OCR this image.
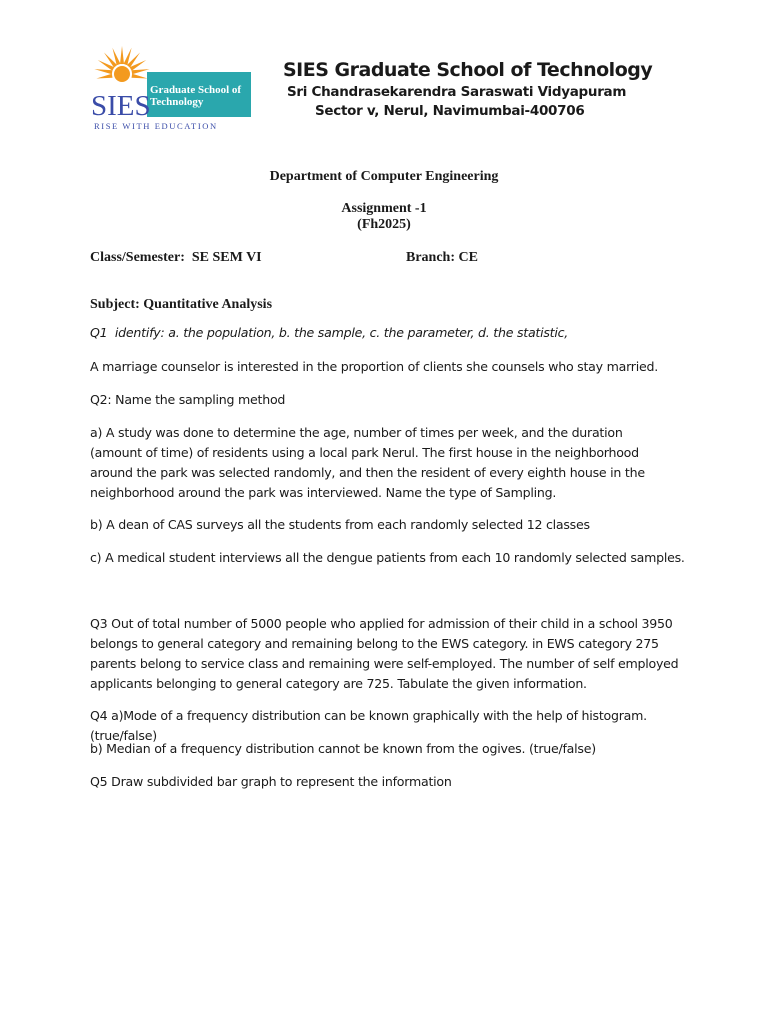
Graduate School of
Technology
SIES
RISE WITH EDUCATION
SIES Graduate School of Technology
Sri Chandrasekarendra Saraswati Vidyapuram
Sector v, Nerul, Navimumbai-400706
Department of Computer Engineering
Assignment -1
(Fh2025)
Class/Semester:  SE SEM VI	Branch: CE
Subject: Quantitative Analysis
Q1  identify: a. the population, b. the sample, c. the parameter, d. the statistic,
A marriage counselor is interested in the proportion of clients she counsels who stay married.
Q2: Name the sampling method
a) A study was done to determine the age, number of times per week, and the duration (amount of time) of residents using a local park Nerul. The first house in the neighborhood around the park was selected randomly, and then the resident of every eighth house in the neighborhood around the park was interviewed. Name the type of Sampling.
b) A dean of CAS surveys all the students from each randomly selected 12 classes
c) A medical student interviews all the dengue patients from each 10 randomly selected samples.
Q3 Out of total number of 5000 people who applied for admission of their child in a school 3950 belongs to general category and remaining belong to the EWS category. in EWS category 275 parents belong to service class and remaining were self-employed. The number of self employed applicants belonging to general category are 725. Tabulate the given information.
Q4 a)Mode of a frequency distribution can be known graphically with the help of histogram. (true/false)
b) Median of a frequency distribution cannot be known from the ogives. (true/false)
Q5 Draw subdivided bar graph to represent the information
